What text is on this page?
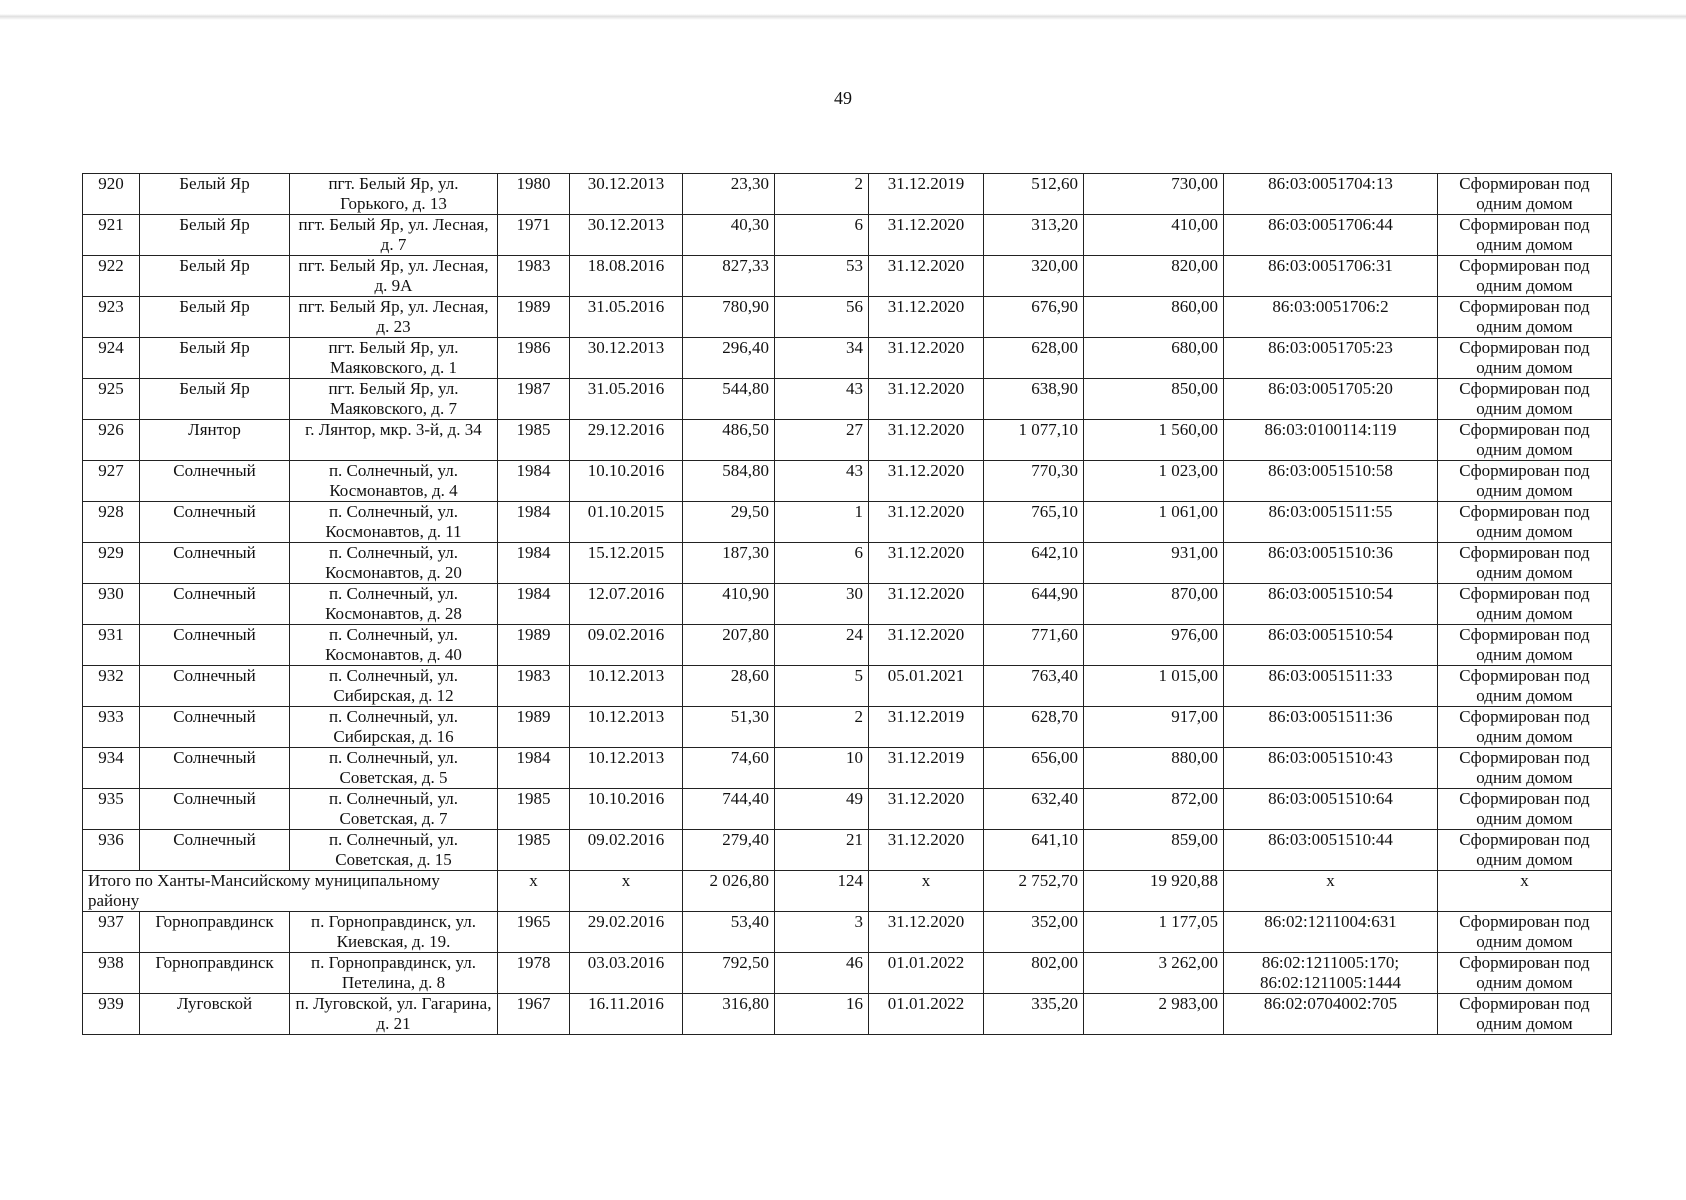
49
920	Белый Яр	пгт. Белый Яр, ул. Горького, д. 13	1980	30.12.2013	23,30	2	31.12.2019	512,60	730,00	86:03:0051704:13	Сформирован под одним домом
921	Белый Яр	пгт. Белый Яр, ул. Лесная, д. 7	1971	30.12.2013	40,30	6	31.12.2020	313,20	410,00	86:03:0051706:44	Сформирован под одним домом
922	Белый Яр	пгт. Белый Яр, ул. Лесная, д. 9А	1983	18.08.2016	827,33	53	31.12.2020	320,00	820,00	86:03:0051706:31	Сформирован под одним домом
923	Белый Яр	пгт. Белый Яр, ул. Лесная, д. 23	1989	31.05.2016	780,90	56	31.12.2020	676,90	860,00	86:03:0051706:2	Сформирован под одним домом
924	Белый Яр	пгт. Белый Яр, ул. Маяковского, д. 1	1986	30.12.2013	296,40	34	31.12.2020	628,00	680,00	86:03:0051705:23	Сформирован под одним домом
925	Белый Яр	пгт. Белый Яр, ул. Маяковского, д. 7	1987	31.05.2016	544,80	43	31.12.2020	638,90	850,00	86:03:0051705:20	Сформирован под одним домом
926	Лянтор	г. Лянтор, мкр. 3-й, д. 34	1985	29.12.2016	486,50	27	31.12.2020	1 077,10	1 560,00	86:03:0100114:119	Сформирован под одним домом
927	Солнечный	п. Солнечный, ул. Космонавтов, д. 4	1984	10.10.2016	584,80	43	31.12.2020	770,30	1 023,00	86:03:0051510:58	Сформирован под одним домом
928	Солнечный	п. Солнечный, ул. Космонавтов, д. 11	1984	01.10.2015	29,50	1	31.12.2020	765,10	1 061,00	86:03:0051511:55	Сформирован под одним домом
929	Солнечный	п. Солнечный, ул. Космонавтов, д. 20	1984	15.12.2015	187,30	6	31.12.2020	642,10	931,00	86:03:0051510:36	Сформирован под одним домом
930	Солнечный	п. Солнечный, ул. Космонавтов, д. 28	1984	12.07.2016	410,90	30	31.12.2020	644,90	870,00	86:03:0051510:54	Сформирован под одним домом
931	Солнечный	п. Солнечный, ул. Космонавтов, д. 40	1989	09.02.2016	207,80	24	31.12.2020	771,60	976,00	86:03:0051510:54	Сформирован под одним домом
932	Солнечный	п. Солнечный, ул. Сибирская, д. 12	1983	10.12.2013	28,60	5	05.01.2021	763,40	1 015,00	86:03:0051511:33	Сформирован под одним домом
933	Солнечный	п. Солнечный, ул. Сибирская, д. 16	1989	10.12.2013	51,30	2	31.12.2019	628,70	917,00	86:03:0051511:36	Сформирован под одним домом
934	Солнечный	п. Солнечный, ул. Советская, д. 5	1984	10.12.2013	74,60	10	31.12.2019	656,00	880,00	86:03:0051510:43	Сформирован под одним домом
935	Солнечный	п. Солнечный, ул. Советская, д. 7	1985	10.10.2016	744,40	49	31.12.2020	632,40	872,00	86:03:0051510:64	Сформирован под одним домом
936	Солнечный	п. Солнечный, ул. Советская, д. 15	1985	09.02.2016	279,40	21	31.12.2020	641,10	859,00	86:03:0051510:44	Сформирован под одним домом
Итого по Ханты-Мансийскому муниципальному району			x	x	2 026,80	124	x	2 752,70	19 920,88	x	x
937	Горноправдинск	п. Горноправдинск, ул. Киевская, д. 19.	1965	29.02.2016	53,40	3	31.12.2020	352,00	1 177,05	86:02:1211004:631	Сформирован под одним домом
938	Горноправдинск	п. Горноправдинск, ул. Петелина, д. 8	1978	03.03.2016	792,50	46	01.01.2022	802,00	3 262,00	86:02:1211005:170; 86:02:1211005:1444	Сформирован под одним домом
939	Луговской	п. Луговской, ул. Гагарина, д. 21	1967	16.11.2016	316,80	16	01.01.2022	335,20	2 983,00	86:02:0704002:705	Сформирован под одним домом
